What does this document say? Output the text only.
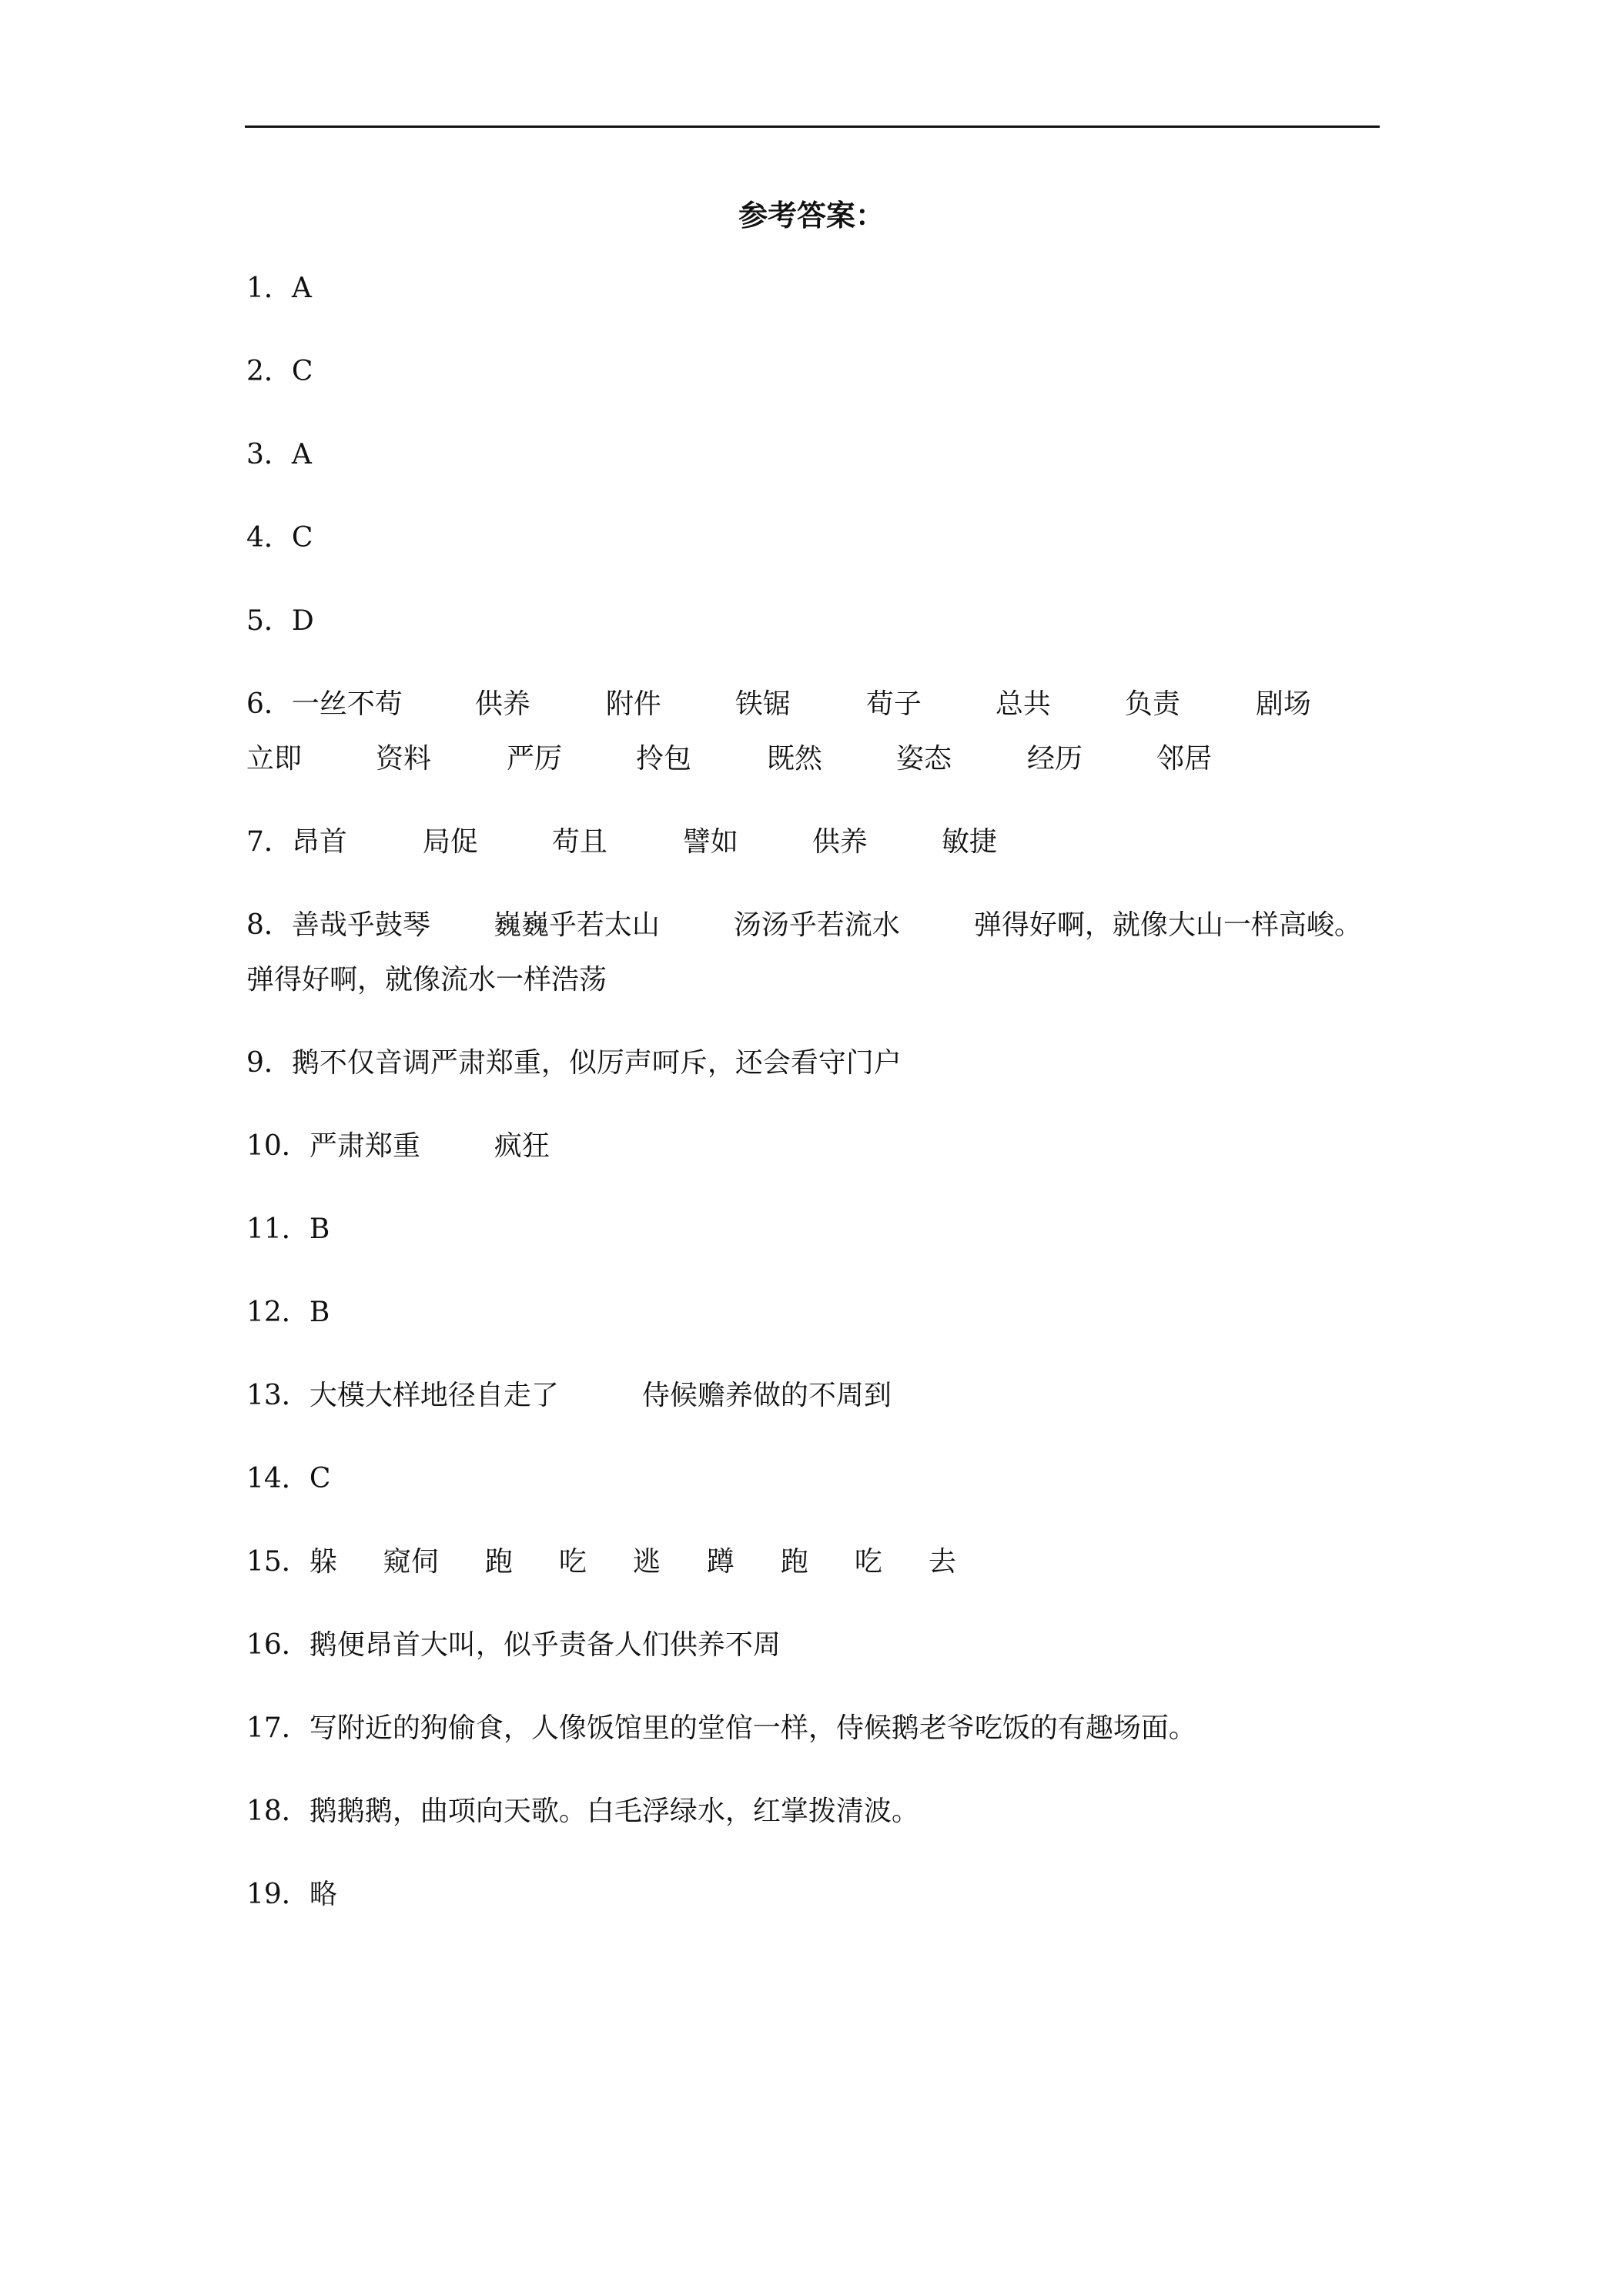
参考答案：
1．A
2．C
3．A
4．C
5．D
6．一丝不苟	供养	附件	铁锯	荀子	总共	负责	剧场
立即	资料	严厉	拎包	既然	姿态	经历	邻居
7．昂首	局促	苟且	譬如	供养	敏捷
8．善哉乎鼓琴 巍巍乎若太山	汤汤乎若流水	弹得好啊，就像大山一样高峻。
弹得好啊，就像流水一样浩荡
9．鹅不仅音调严肃郑重，似厉声呵斥，还会看守门户
10．严肃郑重	疯狂
11．B
12．B
13．大模大样地径自走了	侍候赡养做的不周到
14．C
15．躲 窥伺 跑 吃 逃 蹲 跑 吃 去
16．鹅便昂首大叫，似乎责备人们供养不周
17．写附近的狗偷食，人像饭馆里的堂倌一样，侍候鹅老爷吃饭的有趣场面。
18．鹅鹅鹅，曲项向天歌。白毛浮绿水，红掌拨清波。
19．略
